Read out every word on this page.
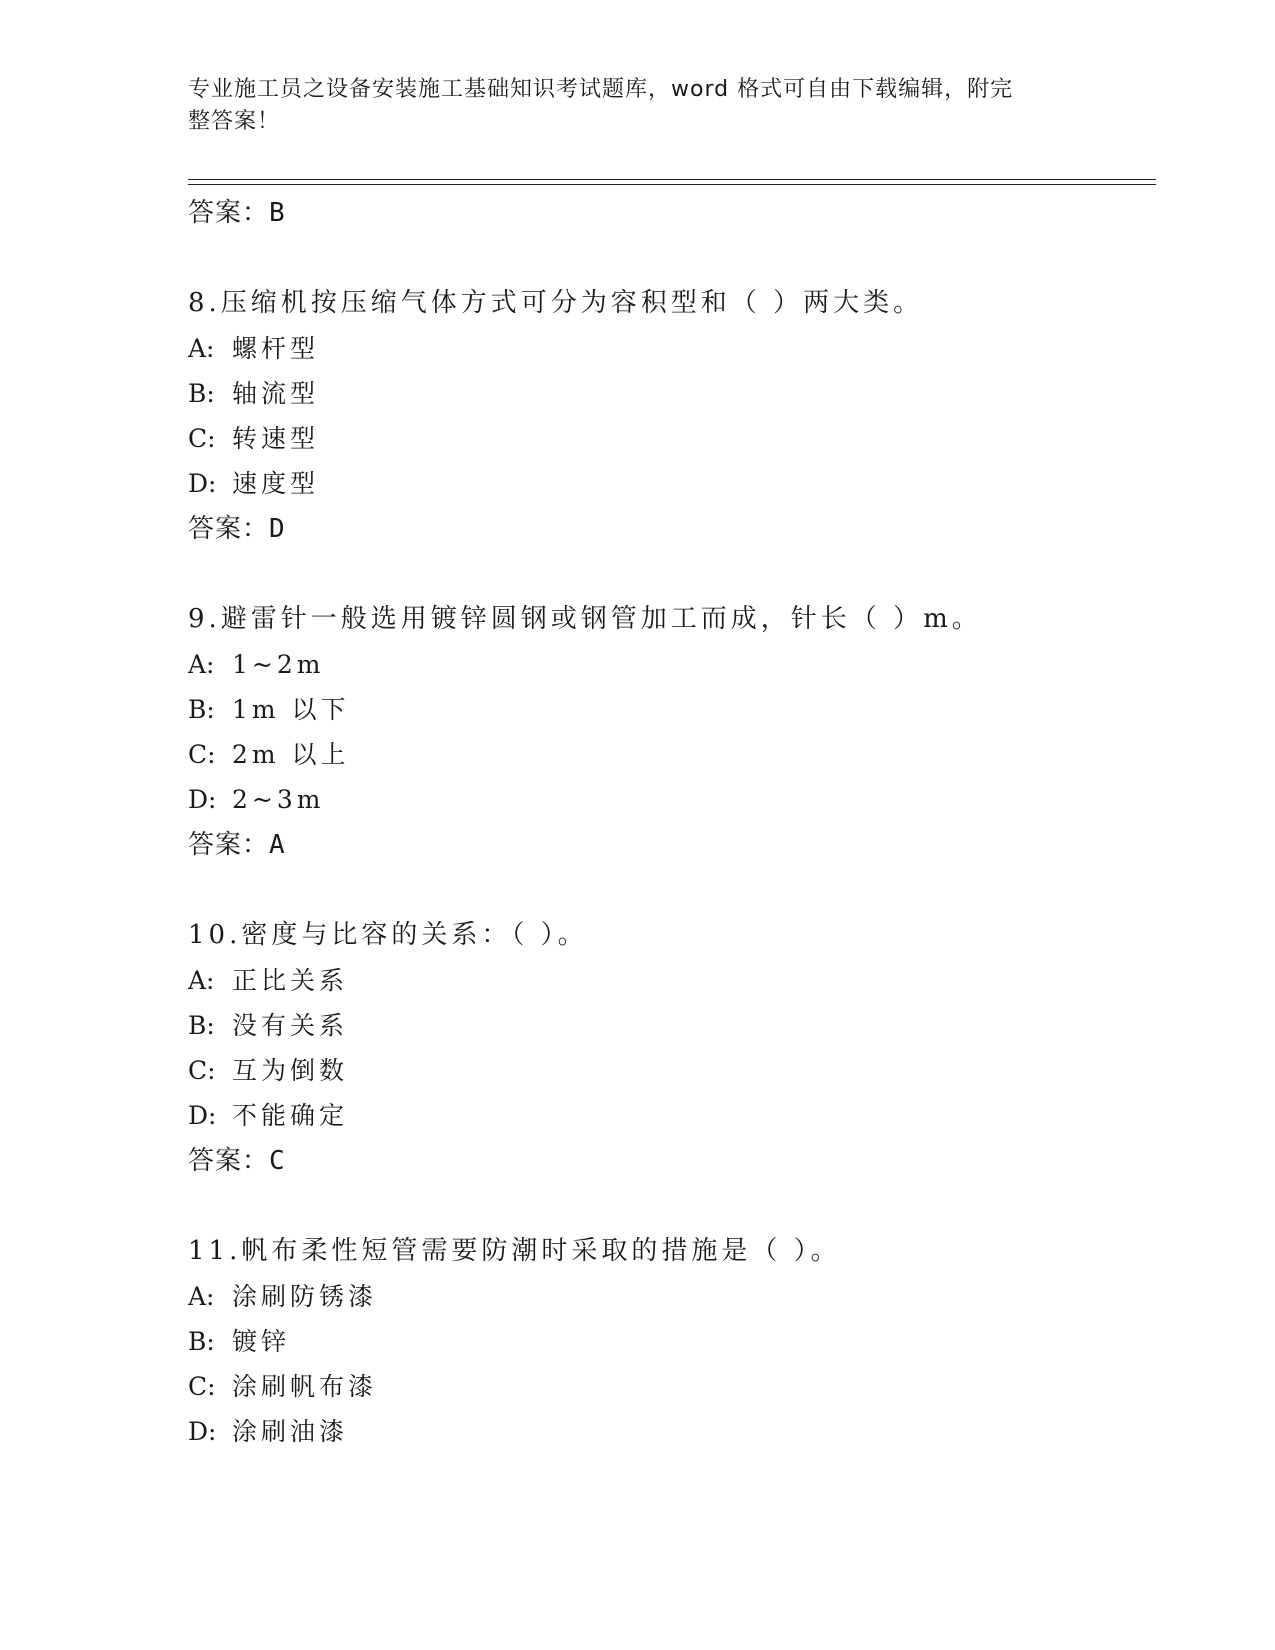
专业施工员之设备安装施工基础知识考试题库，word 格式可自由下载编辑，附完
整答案！
答案：B
8.压缩机按压缩气体方式可分为容积型和（ ）两大类。
A: 螺杆型
B: 轴流型
C: 转速型
D: 速度型
答案：D
9.避雷针一般选用镀锌圆钢或钢管加工而成，针长（ ）m。
A: 1~2m
B: 1m 以下
C: 2m 以上
D: 2~3m
答案：A
10.密度与比容的关系：（ ）。
A: 正比关系
B: 没有关系
C: 互为倒数
D: 不能确定
答案：C
11.帆布柔性短管需要防潮时采取的措施是（ ）。
A: 涂刷防锈漆
B: 镀锌
C: 涂刷帆布漆
D: 涂刷油漆
